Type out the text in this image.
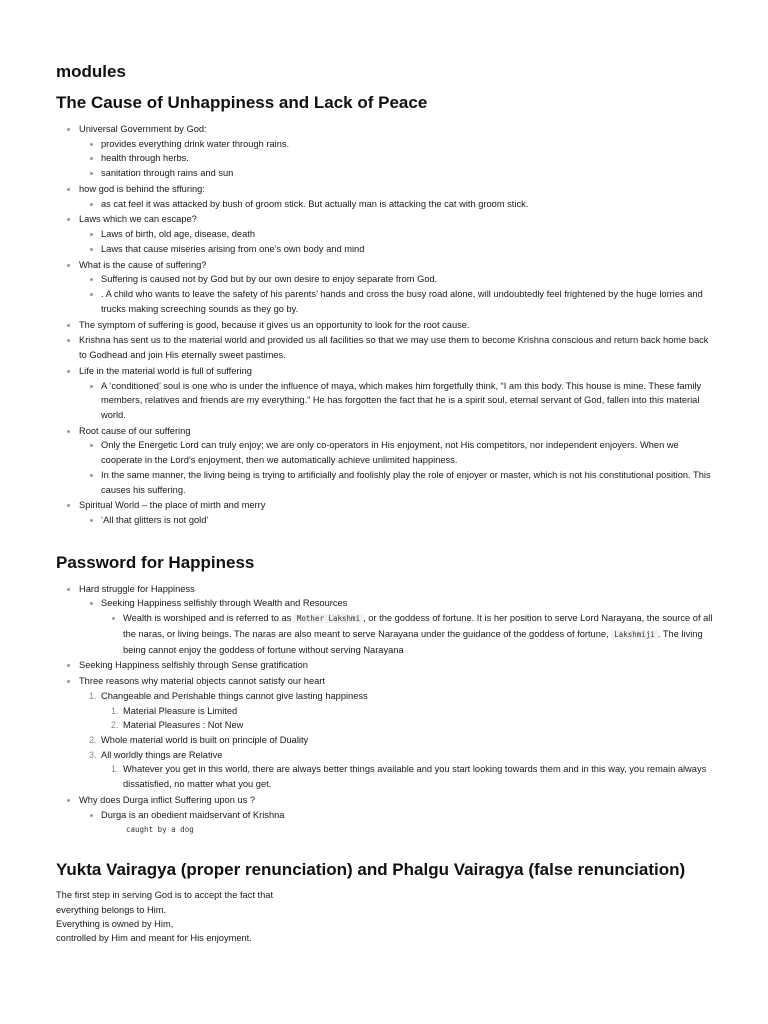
modules
The Cause of Unhappiness and Lack of Peace
Universal Government by God:
provides everything drink water through rains.
health through herbs.
sanitation through rains and sun
how god is behind the sffuring:
as cat feel it was attacked by bush of groom stick. But actually man is attacking the cat with groom stick.
Laws which we can escape?
Laws of birth, old age, disease, death
Laws that cause miseries arising from one’s own body and mind
What is the cause of suffering?
Suffering is caused not by God but by our own desire to enjoy separate from God.
. A child who wants to leave the safety of his parents’ hands and cross the busy road alone, will undoubtedly feel frightened by the huge lorries and trucks making screeching sounds as they go by.
The symptom of suffering is good, because it gives us an opportunity to look for the root cause.
Krishna has sent us to the material world and provided us all facilities so that we may use them to become Krishna conscious and return back home back to Godhead and join His eternally sweet pastimes.
Life in the material world is full of suffering
A ‘conditioned’ soul is one who is under the influence of maya, which makes him forgetfully think, “I am this body. This house is mine. These family members, relatives and friends are my everything.” He has forgotten the fact that he is a spirit soul, eternal servant of God, fallen into this material world.
Root cause of our suffering
Only the Energetic Lord can truly enjoy; we are only co-operators in His enjoyment, not His competitors, nor independent enjoyers. When we cooperate in the Lord’s enjoyment, then we automatically achieve unlimited happiness.
In the same manner, the living being is trying to artificially and foolishly play the role of enjoyer or master, which is not his constitutional position. This causes his suffering.
Spiritual World – the place of mirth and merry
‘All that glitters is not gold’
Password for Happiness
Hard struggle for Happiness
Seeking Happiness selfishly through Wealth and Resources
Wealth is worshiped and is referred to as Mother Lakshmi , or the goddess of fortune. It is her position to serve Lord Narayana, the source of all the naras, or living beings. The naras are also meant to serve Narayana under the guidance of the goddess of fortune, Lakshmiji . The living being cannot enjoy the goddess of fortune without serving Narayana
Seeking Happiness selfishly through Sense gratification
Three reasons why material objects cannot satisfy our heart
Changeable and Perishable things cannot give lasting happiness
Material Pleasure is Limited
Material Pleasures : Not New
Whole material world is built on principle of Duality
All worldly things are Relative
Whatever you get in this world, there are always better things available and you start looking towards them and in this way, you remain always dissatisfied, no matter what you get.
Why does Durga inflict Suffering upon us ?
Durga is an obedient maidservant of Krishna
caught by a dog
Yukta Vairagya (proper renunciation) and Phalgu Vairagya (false renunciation)
The first step in serving God is to accept the fact that
everything belongs to Him.
Everything is owned by Him,
controlled by Him and meant for His enjoyment.
